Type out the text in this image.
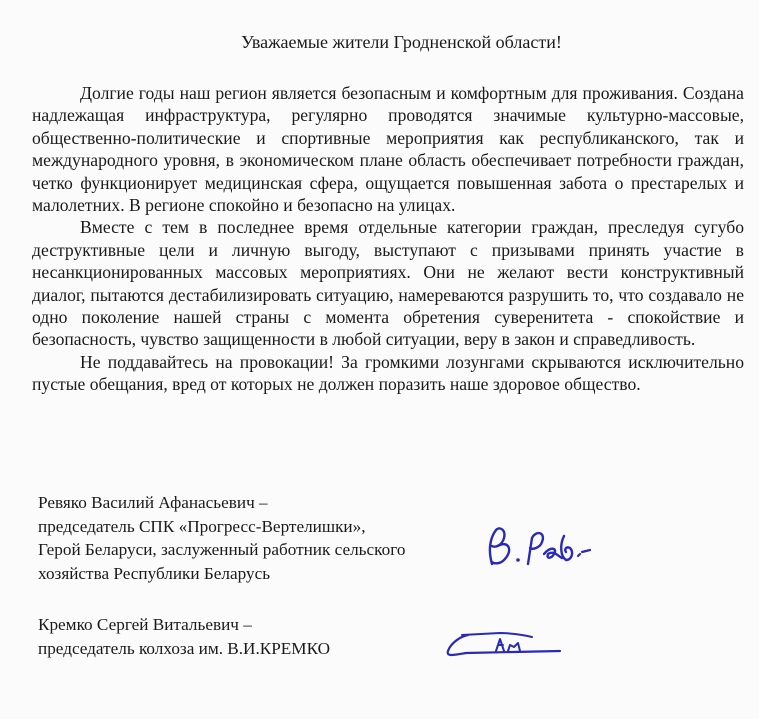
Уважаемые жители Гродненской области!

Долгие годы наш регион является безопасным и комфортным для проживания. Создана надлежащая инфраструктура, регулярно проводятся значимые культурно-массовые, общественно-политические и спортивные мероприятия как республиканского, так и международного уровня, в экономическом плане область обеспечивает потребности граждан, четко функционирует медицинская сфера, ощущается повышенная забота о престарелых и малолетних. В регионе спокойно и безопасно на улицах.

Вместе с тем в последнее время отдельные категории граждан, преследуя сугубо деструктивные цели и личную выгоду, выступают с призывами принять участие в несанкционированных массовых мероприятиях. Они не желают вести конструктивный диалог, пытаются дестабилизировать ситуацию, намереваются разрушить то, что создавало не одно поколение нашей страны с момента обретения суверенитета - спокойствие и безопасность, чувство защищенности в любой ситуации, веру в закон и справедливость.

Не поддавайтесь на провокации! За громкими лозунгами скрываются исключительно пустые обещания, вред от которых не должен поразить наше здоровое общество.

Ревяко Василий Афанасьевич –
председатель СПК «Прогресс-Вертелишки»,
Герой Беларуси, заслуженный работник сельского
хозяйства Республики Беларусь
Кремко Сергей Витальевич –
председатель колхоза им. В.И.КРЕМКО
